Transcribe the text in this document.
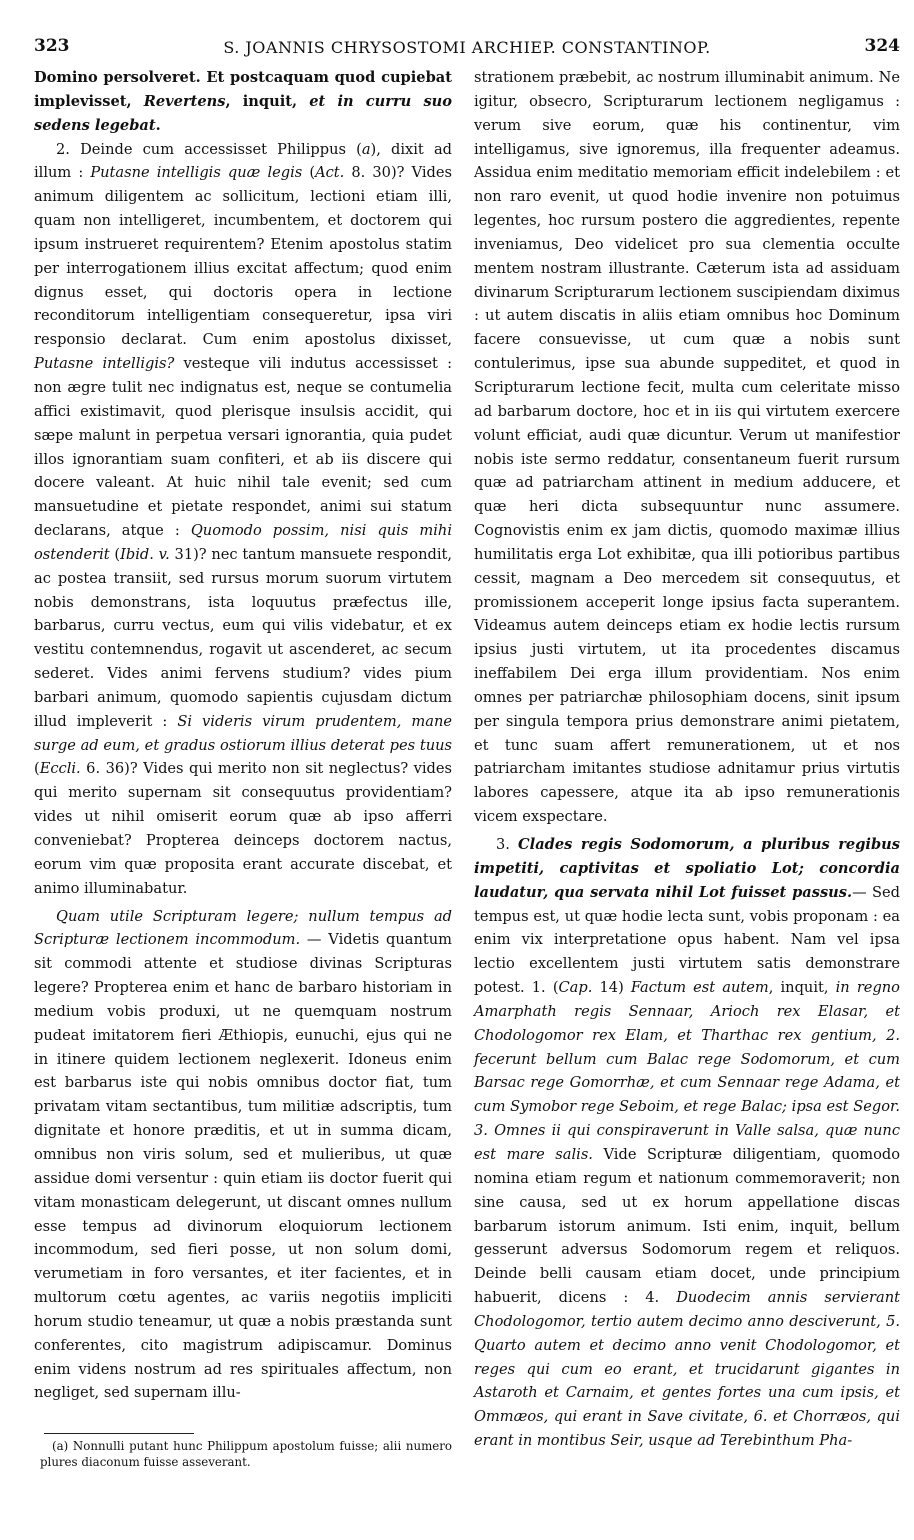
323	S. JOANNIS CHRYSOSTOMI ARCHIEP. CONSTANTINOP.	324

Domino persolveret. Et postcaquam quod cupiebat implevisset, Revertens, inquit, et in curru suo sedens legebat.

2. Deinde cum accessisset Philippus (a), dixit ad illum : Putasne intelligis quæ legis (Act. 8. 30)? Vides animum diligentem ac sollicitum, lectioni etiam illi, quam non intelligeret, incumbentem, et doctorem qui ipsum instrueret requirentem? Etenim apostolus statim per interrogationem illius excitat affectum; quod enim dignus esset, qui doctoris opera in lectione reconditorum intelligentiam consequeretur, ipsa viri responsio declarat. Cum enim apostolus dixisset, Putasne intelligis? vesteque vili indutus accessisset : non ægre tulit nec indignatus est, neque se contumelia affici existimavit, quod plerisque insulsis accidit, qui sæpe malunt in perpetua versari ignorantia, quia pudet illos ignorantiam suam confiteri, et ab iis discere qui docere valeant. At huic nihil tale evenit; sed cum mansuetudine et pietate respondet, animi sui statum declarans, atque : Quomodo possim, nisi quis mihi ostenderit (Ibid. v. 31)? nec tantum mansuete respondit, ac postea transiit, sed rursus morum suorum virtutem nobis demonstrans, ista loquutus præfectus ille, barbarus, curru vectus, eum qui vilis videbatur, et ex vestitu contemnendus, rogavit ut ascenderet, ac secum sederet. Vides animi fervens studium? vides pium barbari animum, quomodo sapientis cujusdam dictum illud impleverit : Si videris virum prudentem, mane surge ad eum, et gradus ostiorum illius deterat pes tuus (Eccli. 6. 36)? Vides qui merito non sit neglectus? vides qui merito supernam sit consequutus providentiam? vides ut nihil omiserit eorum quæ ab ipso afferri conveniebat? Propterea deinceps doctorem nactus, eorum vim quæ proposita erant accurate discebat, et animo illuminabatur.

Quam utile Scripturam legere; nullum tempus ad Scripturæ lectionem incommodum. — Videtis quantum sit commodi attente et studiose divinas Scripturas legere? Propterea enim et hanc de barbaro historiam in medium vobis produxi, ut ne quemquam nostrum pudeat imitatorem fieri Æthiopis, eunuchi, ejus qui ne in itinere quidem lectionem neglexerit. Idoneus enim est barbarus iste qui nobis omnibus doctor fiat, tum privatam vitam sectantibus, tum militiæ adscriptis, tum dignitate et honore præditis, et ut in summa dicam, omnibus non viris solum, sed et mulieribus, ut quæ assidue domi versentur : quin etiam iis doctor fuerit qui vitam monasticam delegerunt, ut discant omnes nullum esse tempus ad divinorum eloquiorum lectionem incommodum, sed fieri posse, ut non solum domi, verumetiam in foro versantes, et iter facientes, et in multorum cœtu agentes, ac variis negotiis impliciti horum studio teneamur, ut quæ a nobis præstanda sunt conferentes, cito magistrum adipiscamur. Dominus enim videns nostrum ad res spirituales affectum, non negliget, sed supernam illu-

(a) Nonnulli putant hunc Philippum apostolum fuisse; alii numero plures diaconum fuisse asseverant.

strationem præbebit, ac nostrum illuminabit animum. Ne igitur, obsecro, Scripturarum lectionem negligamus : verum sive eorum, quæ his continentur, vim intelligamus, sive ignoremus, illa frequenter adeamus. Assidua enim meditatio memoriam efficit indelebilem : et non raro evenit, ut quod hodie invenire non potuimus legentes, hoc rursum postero die aggredientes, repente inveniamus, Deo videlicet pro sua clementia occulte mentem nostram illustrante. Cæterum ista ad assiduam divinarum Scripturarum lectionem suscipiendam diximus : ut autem discatis in aliis etiam omnibus hoc Dominum facere consuevisse, ut cum quæ a nobis sunt contulerimus, ipse sua abunde suppeditet, et quod in Scripturarum lectione fecit, multa cum celeritate misso ad barbarum doctore, hoc et in iis qui virtutem exercere volunt efficiat, audi quæ dicuntur. Verum ut manifestior nobis iste sermo reddatur, consentaneum fuerit rursum quæ ad patriarcham attinent in medium adducere, et quæ heri dicta subsequuntur nunc assumere. Cognovistis enim ex jam dictis, quomodo maximæ illius humilitatis erga Lot exhibitæ, qua illi potioribus partibus cessit, magnam a Deo mercedem sit consequutus, et promissionem acceperit longe ipsius facta superantem. Videamus autem deinceps etiam ex hodie lectis rursum ipsius justi virtutem, ut ita procedentes discamus ineffabilem Dei erga illum providentiam. Nos enim omnes per patriarchæ philosophiam docens, sinit ipsum per singula tempora prius demonstrare animi pietatem, et tunc suam affert remunerationem, ut et nos patriarcham imitantes studiose adnitamur prius virtutis labores capessere, atque ita ab ipso remunerationis vicem exspectare.

3. Clades regis Sodomorum, a pluribus regibus impetiti, captivitas et spoliatio Lot; concordia laudatur, qua servata nihil Lot fuisset passus.— Sed tempus est, ut quæ hodie lecta sunt, vobis proponam : ea enim vix interpretatione opus habent. Nam vel ipsa lectio excellentem justi virtutem satis demonstrare potest. 1. (Cap. 14) Factum est autem, inquit, in regno Amarphath regis Sennaar, Arioch rex Elasar, et Chodologomor rex Elam, et Tharthac rex gentium, 2. fecerunt bellum cum Balac rege Sodomorum, et cum Barsac rege Gomorrhæ, et cum Sennaar rege Adama, et cum Symobor rege Seboim, et rege Balac; ipsa est Segor. 3. Omnes ii qui conspiraverunt in Valle salsa, quæ nunc est mare salis. Vide Scripturæ diligentiam, quomodo nomina etiam regum et nationum commemoraverit; non sine causa, sed ut ex horum appellatione discas barbarum istorum animum. Isti enim, inquit, bellum gesserunt adversus Sodomorum regem et reliquos. Deinde belli causam etiam docet, unde principium habuerit, dicens : 4. Duodecim annis servierant Chodologomor, tertio autem decimo anno desciverunt, 5. Quarto autem et decimo anno venit Chodologomor, et reges qui cum eo erant, et trucidarunt gigantes in Astaroth et Carnaim, et gentes fortes una cum ipsis, et Ommæos, qui erant in Save civitate, 6. et Chorræos, qui erant in montibus Seir, usque ad Terebinthum Pha-
